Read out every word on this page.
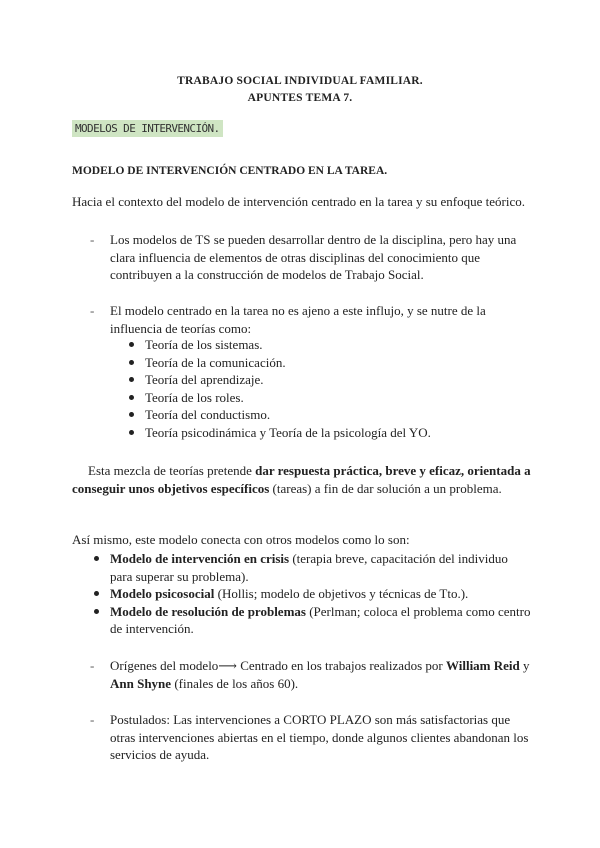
TRABAJO SOCIAL INDIVIDUAL FAMILIAR.
APUNTES TEMA 7.
MODELOS DE INTERVENCIÓN.
MODELO DE INTERVENCIÓN CENTRADO EN LA TAREA.
Hacia el contexto del modelo de intervención centrado en la tarea y su enfoque teórico.
- Los modelos de TS se pueden desarrollar dentro de la disciplina, pero hay una clara influencia de elementos de otras disciplinas del conocimiento que contribuyen a la construcción de modelos de Trabajo Social.
- El modelo centrado en la tarea no es ajeno a este influjo, y se nutre de la influencia de teorías como:
Teoría de los sistemas.
Teoría de la comunicación.
Teoría del aprendizaje.
Teoría de los roles.
Teoría del conductismo.
Teoría psicodinámica y Teoría de la psicología del YO.
Esta mezcla de teorías pretende dar respuesta práctica, breve y eficaz, orientada a conseguir unos objetivos específicos (tareas) a fin de dar solución a un problema.
Así mismo, este modelo conecta con otros modelos como lo son:
Modelo de intervención en crisis (terapia breve, capacitación del individuo para superar su problema).
Modelo psicosocial (Hollis; modelo de objetivos y técnicas de Tto.).
Modelo de resolución de problemas (Perlman; coloca el problema como centro de intervención.
- Orígenes del modelo⟶ Centrado en los trabajos realizados por William Reid y Ann Shyne (finales de los años 60).
- Postulados: Las intervenciones a CORTO PLAZO son más satisfactorias que otras intervenciones abiertas en el tiempo, donde algunos clientes abandonan los servicios de ayuda.
